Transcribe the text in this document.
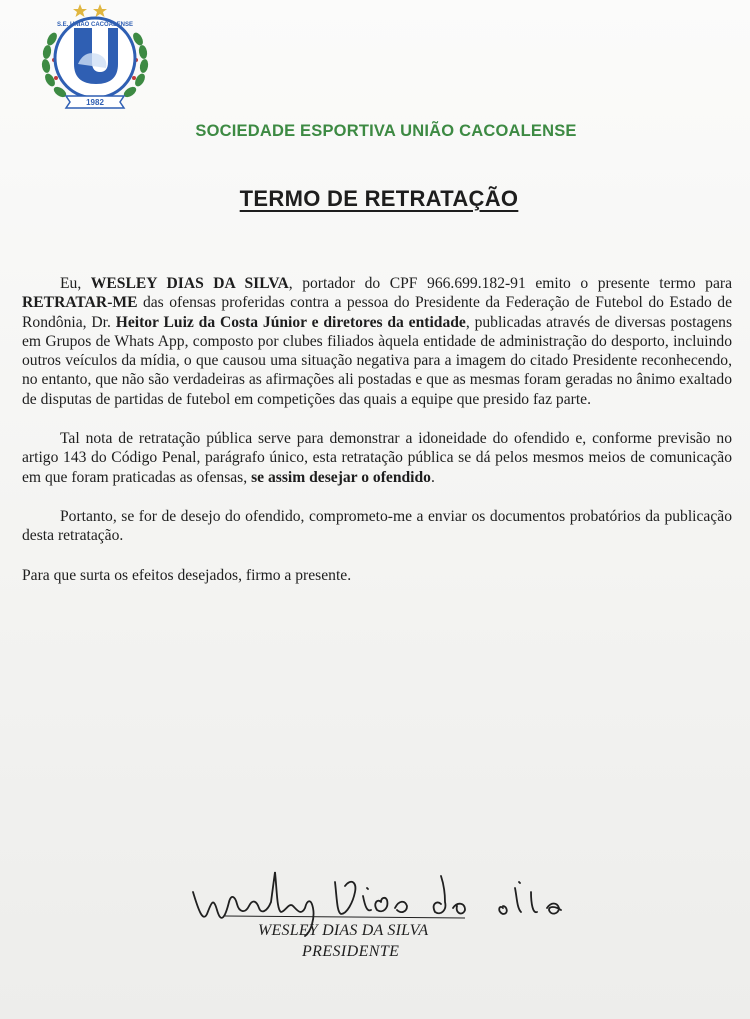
S.E. UNIÃO CACOALENSE
1982
SOCIEDADE ESPORTIVA UNIÃO CACOALENSE
TERMO DE RETRATAÇÃO

Eu, WESLEY DIAS DA SILVA, portador do CPF 966.699.182-91 emito o presente termo para RETRATAR-ME das ofensas proferidas contra a pessoa do Presidente da Federação de Futebol do Estado de Rondônia, Dr. Heitor Luiz da Costa Júnior e diretores da entidade, publicadas através de diversas postagens em Grupos de Whats App, composto por clubes filiados àquela entidade de administração do desporto, incluindo outros veículos da mídia, o que causou uma situação negativa para a imagem do citado Presidente reconhecendo, no entanto, que não são verdadeiras as afirmações ali postadas e que as mesmas foram geradas no ânimo exaltado de disputas de partidas de futebol em competições das quais a equipe que presido faz parte.

Tal nota de retratação pública serve para demonstrar a idoneidade do ofendido e, conforme previsão no artigo 143 do Código Penal, parágrafo único, esta retratação pública se dá pelos mesmos meios de comunicação em que foram praticadas as ofensas, se assim desejar o ofendido.

Portanto, se for de desejo do ofendido, comprometo-me a enviar os documentos probatórios da publicação desta retratação.

Para que surta os efeitos desejados, firmo a presente.

WESLEY DIAS DA SILVA
PRESIDENTE
